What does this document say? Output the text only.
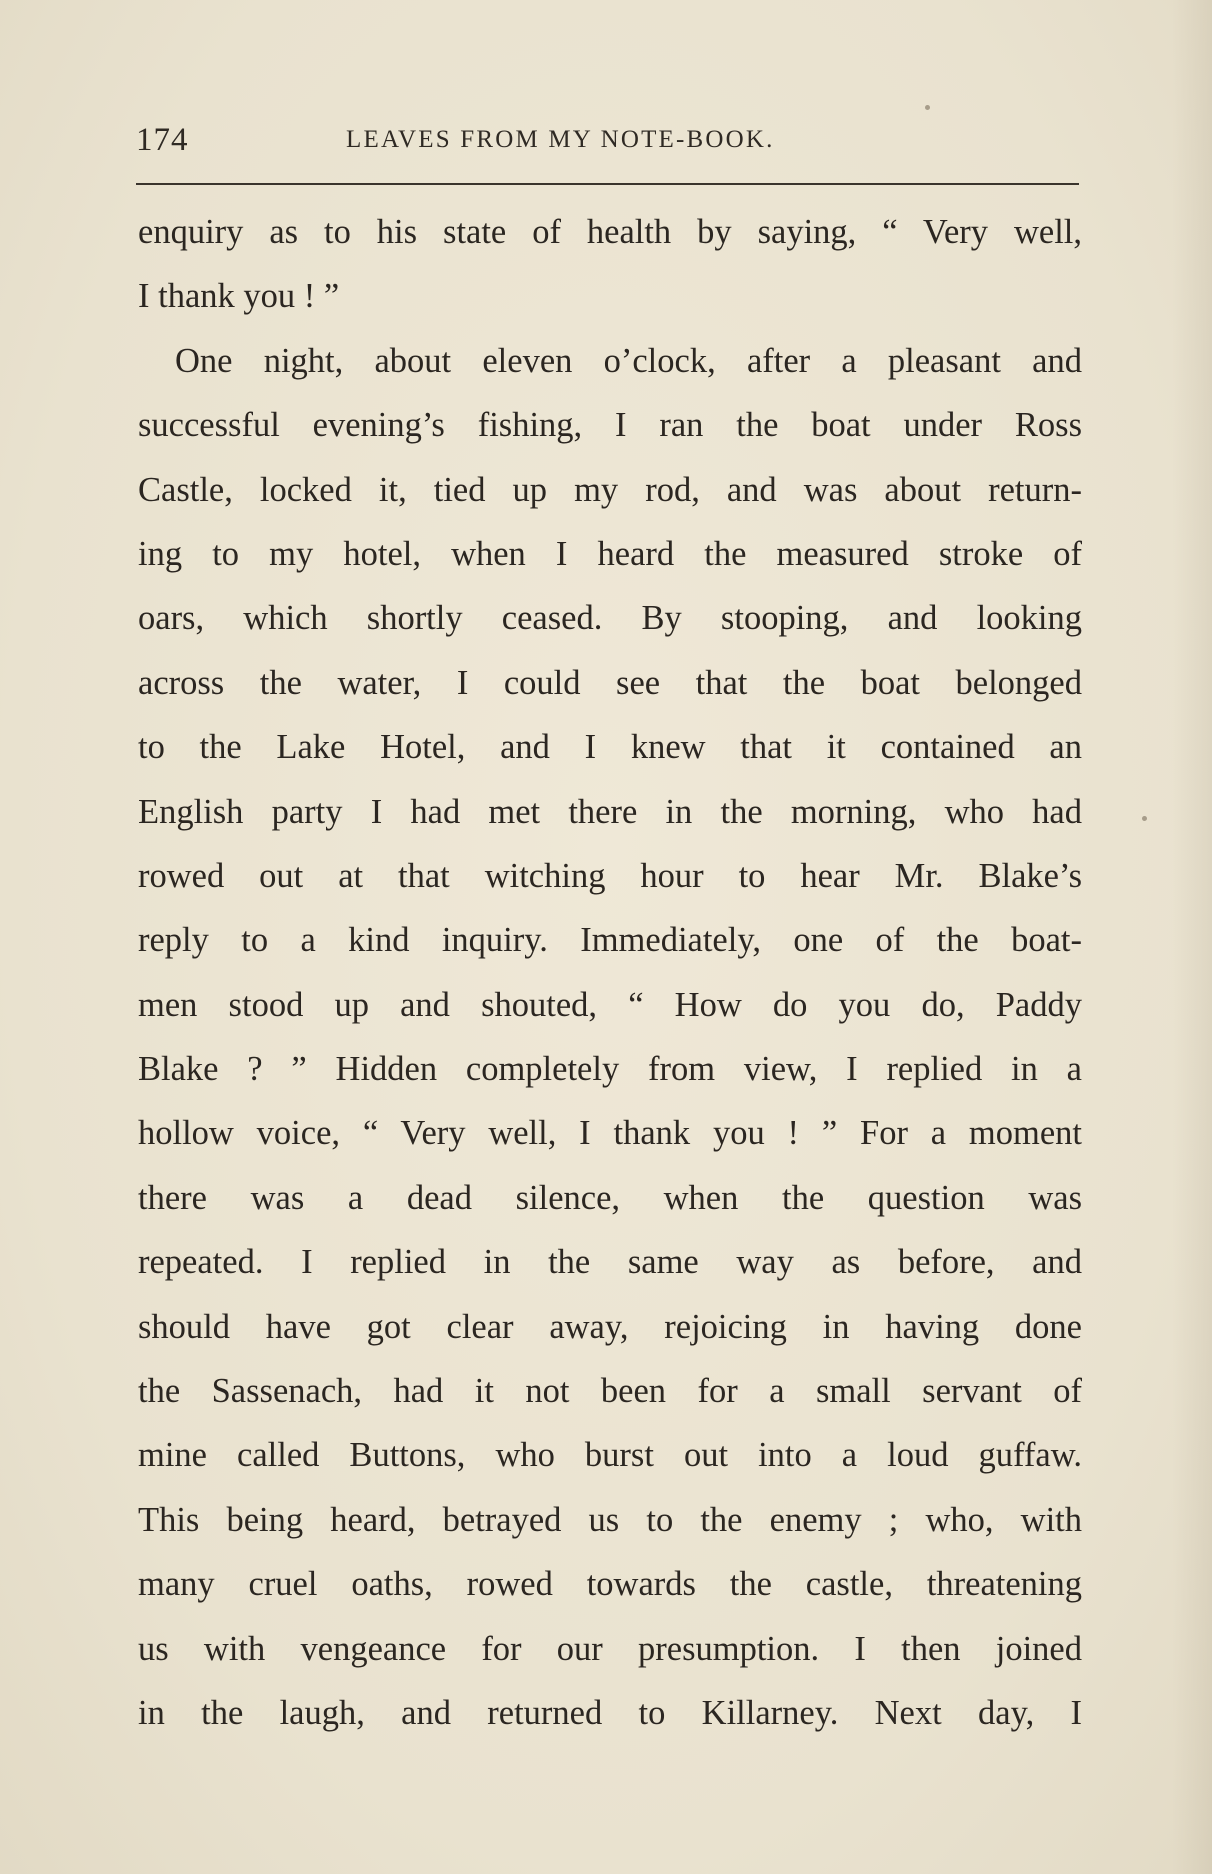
174	LEAVES FROM MY NOTE-BOOK.
enquiry as to his state of health by saying, “ Very well,
I thank you ! ”
One night, about eleven o’clock, after a pleasant and
successful evening’s fishing, I ran the boat under Ross
Castle, locked it, tied up my rod, and was about return-
ing to my hotel, when I heard the measured stroke of
oars, which shortly ceased. By stooping, and looking
across the water, I could see that the boat belonged
to the Lake Hotel, and I knew that it contained an
English party I had met there in the morning, who had
rowed out at that witching hour to hear Mr. Blake’s
reply to a kind inquiry. Immediately, one of the boat-
men stood up and shouted, “ How do you do, Paddy
Blake ? ” Hidden completely from view, I replied in a
hollow voice, “ Very well, I thank you ! ” For a moment
there was a dead silence, when the question was
repeated. I replied in the same way as before, and
should have got clear away, rejoicing in having done
the Sassenach, had it not been for a small servant of
mine called Buttons, who burst out into a loud guffaw.
This being heard, betrayed us to the enemy ; who, with
many cruel oaths, rowed towards the castle, threatening
us with vengeance for our presumption. I then joined
in the laugh, and returned to Killarney. Next day, I
